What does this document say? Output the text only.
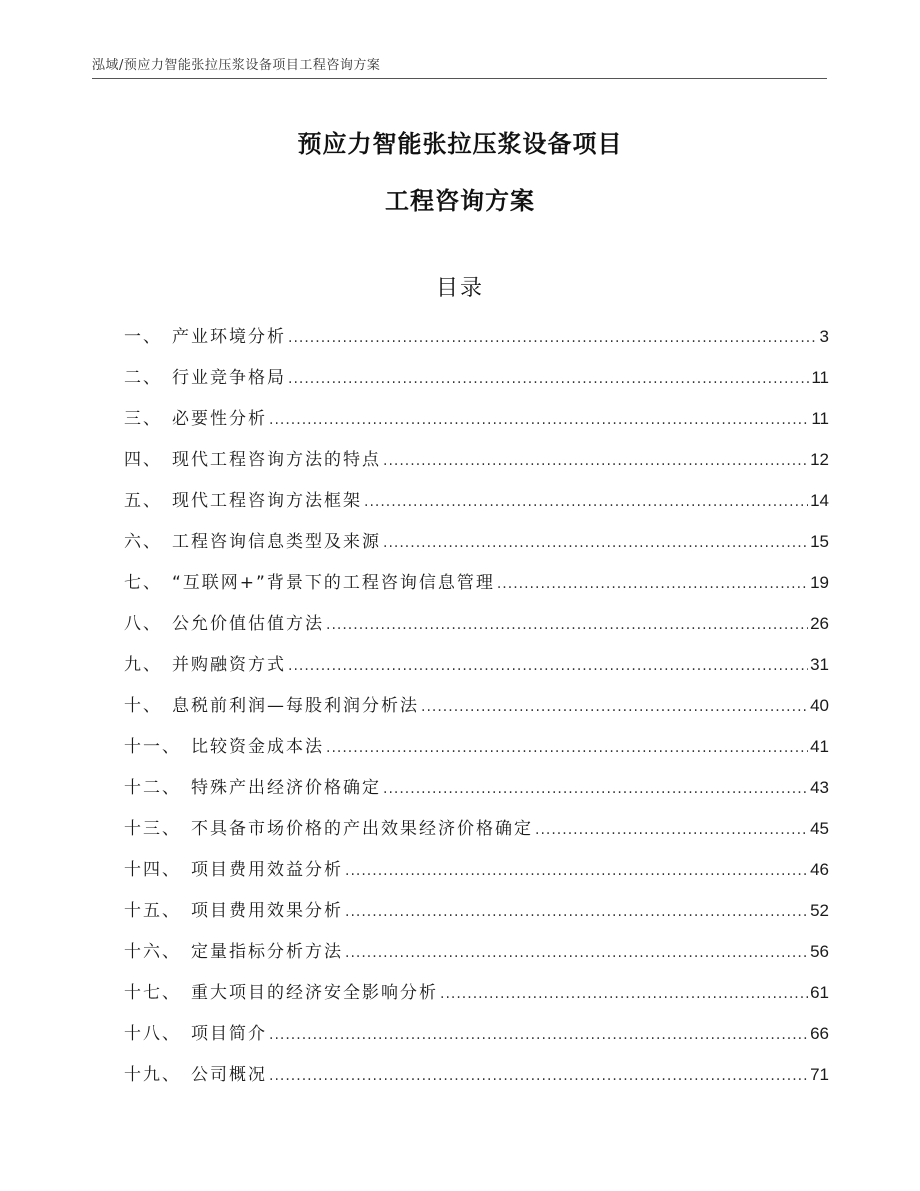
泓域/预应力智能张拉压浆设备项目工程咨询方案
预应力智能张拉压浆设备项目
工程咨询方案
目录
一、 产业环境分析 .....	3
二、 行业竞争格局 .....	11
三、 必要性分析 .....	11
四、 现代工程咨询方法的特点 .....	12
五、 现代工程咨询方法框架 .....	14
六、 工程咨询信息类型及来源 .....	15
七、 “互联网+”背景下的工程咨询信息管理 .....	19
八、 公允价值估值方法 .....	26
九、 并购融资方式 .....	31
十、 息税前利润—每股利润分析法 .....	40
十一、 比较资金成本法 .....	41
十二、 特殊产出经济价格确定 .....	43
十三、 不具备市场价格的产出效果经济价格确定 .....	45
十四、 项目费用效益分析 .....	46
十五、 项目费用效果分析 .....	52
十六、 定量指标分析方法 .....	56
十七、 重大项目的经济安全影响分析 .....	61
十八、 项目简介 .....	66
十九、 公司概况 .....	71
